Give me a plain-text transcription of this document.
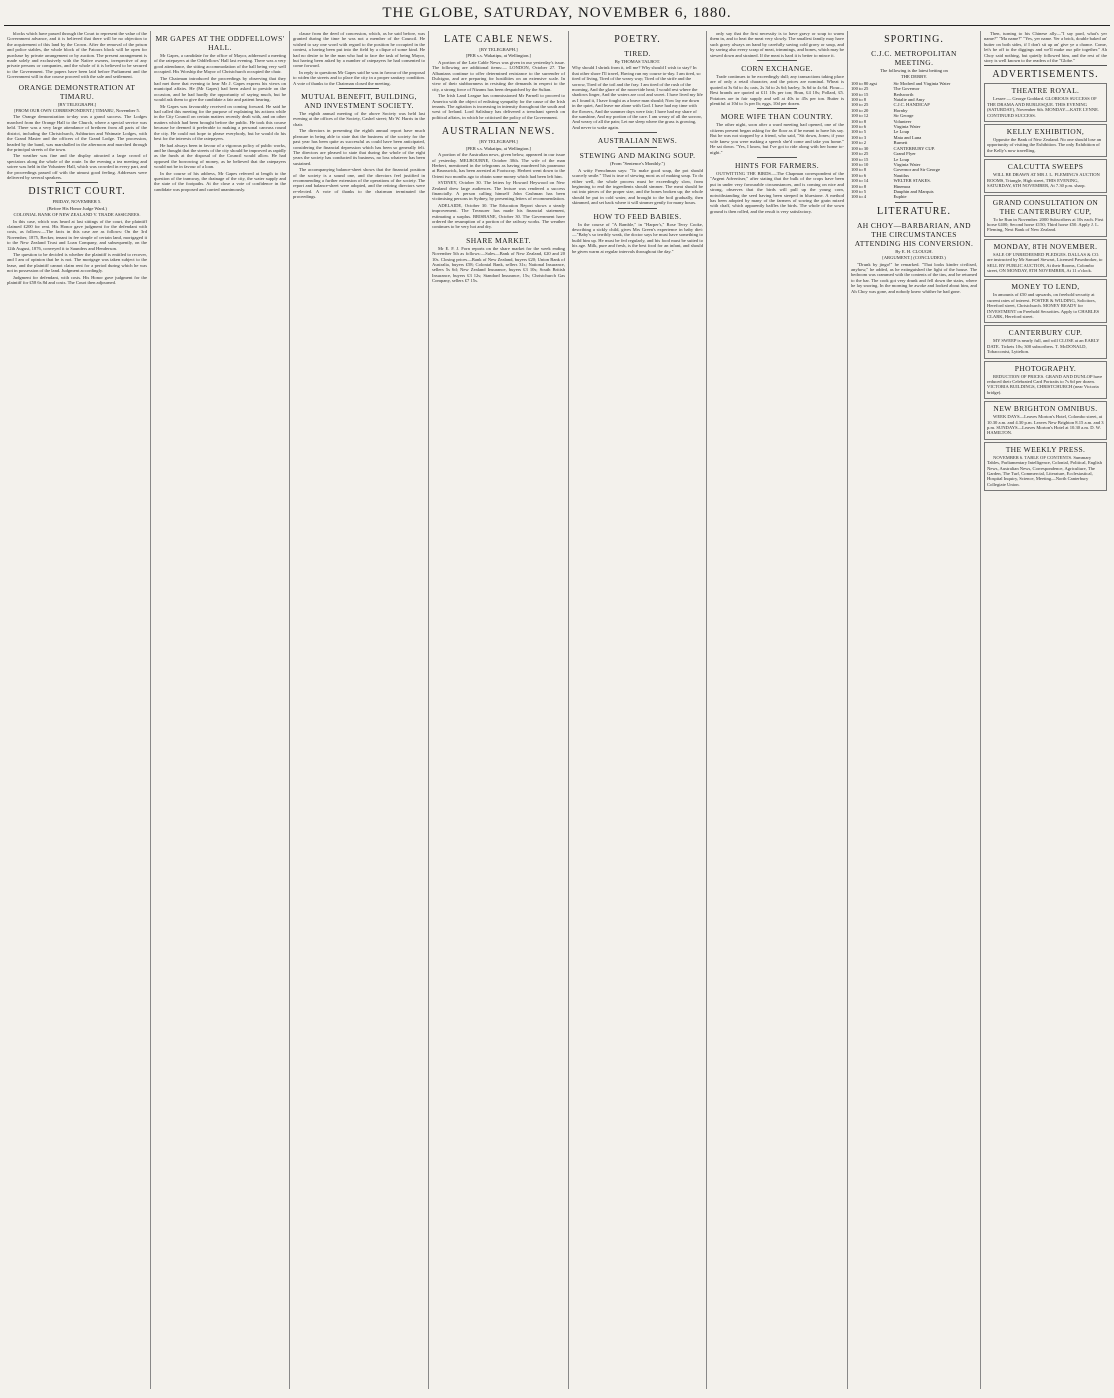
THE GLOBE, SATURDAY, NOVEMBER 6, 1880.

blocks which have passed through the Court to represent the value of the Government advance, and it is believed that there will be no objection to the acquirement of this land by the Crown. After the removal of the prison and police stables, the whole block of the Fatoors block will be open for purchase by private arrangement or by auction. The present arrangement is made solely and exclusively with the Native owners, irrespective of any private persons or companies, and the whole of it is believed to be secured to the Government. The papers have been laid before Parliament and the Government will in due course proceed with the sale and settlement.

ORANGE DEMONSTRATION AT TIMARU.
[BY TELEGRAPH.]
[FROM OUR OWN CORRESPONDENT.] TIMARU, November 5.

The Orange demonstration to-day was a grand success. The Lodges marched from the Orange Hall to the Church, where a special service was held. There was a very large attendance of brethren from all parts of the district, including the Christchurch, Ashburton and Waimate Lodges, with the Grand Master and the officers of the Grand Lodge. The procession, headed by the band, was marshalled in the afternoon and marched through the principal streets of the town.

The weather was fine and the display attracted a large crowd of spectators along the whole of the route. In the evening a tea meeting and soiree was held in the Volunteer Hall, which was crowded in every part, and the proceedings passed off with the utmost good feeling. Addresses were delivered by several speakers.

DISTRICT COURT.
FRIDAY, NOVEMBER 5.
(Before His Honor Judge Ward.)
COLONIAL BANK OF NEW ZEALAND V. TRADE ASSIGNEES.

In this case, which was heard at last sittings of the court, the plaintiff claimed £200 for rent. His Honor gave judgment for the defendant with costs, as follows:—The facts in this case are as follows: On the 3rd November, 1875, Becker, tenant in fee simple of certain land, mortgaged it to the New Zealand Trust and Loan Company, and subsequently, on the 12th August, 1876, conveyed it to Saunders and Henderson.

The question to be decided is whether the plaintiff is entitled to recover, and I am of opinion that he is not. The mortgage was taken subject to the lease, and the plaintiff cannot claim rent for a period during which he was not in possession of the land. Judgment accordingly.

Judgment for defendant, with costs. His Honor gave judgment for the plaintiff for £58 6s 8d and costs. The Court then adjourned.

MR GAPES AT THE ODDFELLOWS' HALL.

Mr Gapes, a candidate for the office of Mayor, addressed a meeting of the ratepayers at the Oddfellows' Hall last evening. There was a very good attendance, the sitting accommodation of the hall being very well occupied. His Worship the Mayor of Christchurch occupied the chair.

The Chairman introduced the proceedings by observing that they had met there that evening to hear Mr J. Gapes express his views on municipal affairs. He (Mr Gapes) had been asked to preside on the occasion, and he had hardly the opportunity of saying much, but he would ask them to give the candidate a fair and patient hearing.

Mr Gapes was favourably received on coming forward. He said he had called this meeting for the purpose of explaining his actions while in the City Council on certain matters recently dealt with, and on other matters which had been brought before the public. He took this course because he deemed it preferable to making a personal canvass round the city. He could not hope to please everybody, but he would do his best for the interests of the ratepayers.

He had always been in favour of a vigorous policy of public works, and he thought that the streets of the city should be improved as rapidly as the funds at the disposal of the Council would allow. He had opposed the borrowing of money, as he believed that the ratepayers would not be in favour of a loan.

In the course of his address, Mr Gapes referred at length to the question of the tramway, the drainage of the city, the water supply and the state of the footpaths. At the close a vote of confidence in the candidate was proposed and carried unanimously.

clause from the deed of concession, which, as he said before, was granted during the time he was not a member of the Council. He wished to say one word with regard to the position he occupied in the contest, a having been put into the field by a clique of some kind. He had no desire to be the man who had to face the task of being Mayor, but having been asked by a number of ratepayers he had consented to come forward.

In reply to questions Mr Gapes said he was in favour of the proposal to widen the streets and to place the city in a proper sanitary condition. A vote of thanks to the Chairman closed the meeting.

MUTUAL BENEFIT, BUILDING, AND INVESTMENT SOCIETY.

The eighth annual meeting of the above Society was held last evening at the offices of the Society, Cashel street; Mr W. Harris in the chair.

The directors in presenting the eighth annual report have much pleasure in being able to state that the business of the society for the past year has been quite as successful as could have been anticipated, considering the financial depression which has been so generally felt. The directors are pleased to state that during the whole of the eight years the society has conducted its business, no loss whatever has been sustained.

The accompanying balance-sheet shows that the financial position of the society is a sound one, and the directors feel justified in recommending a further extension of the operations of the society. The report and balance-sheet were adopted, and the retiring directors were re-elected. A vote of thanks to the chairman terminated the proceedings.

LATE CABLE NEWS.
[BY TELEGRAPH.]
[PER s.s. Wakatipu, at Wellington.]

A portion of the Late Cable News was given in our yesterday's issue. The following are additional items:— LONDON, October 27. The Albanians continue to offer determined resistance to the surrender of Dulcigno, and are preparing for hostilities on an extensive scale. In view of their stubbornness in resisting the demands in respect to the city, a strong force of Nizams has been despatched by the Sultan.

The Irish Land League has commissioned Mr Parnell to proceed to America with the object of enlisting sympathy for the cause of the Irish tenants. The agitation is increasing in intensity throughout the south and west of Ireland. Lord Salisbury has delivered a trenchant speech on political affairs, in which he criticised the policy of the Government.

AUSTRALIAN NEWS.
[BY TELEGRAPH.]
[PER s.s. Wakatipu, at Wellington.]

A portion of the Australian news, given below, appeared in our issue of yesterday. MELBOURNE, October 30th. The wife of the man Herbert, mentioned in the telegrams as having murdered his paramour at Brunswick, has been arrested at Footscray. Herbert went down to the Orient two months ago to obtain some money which had been left him.

SYDNEY, October 30. The letters by Howard Heywood on New Zealand drew large audiences. The lecture was rendered a success financially. A person calling himself John Cashman has been victimising persons in Sydney, by presenting letters of recommendation.

ADELAIDE, October 30. The Education Report shows a steady improvement. The Treasurer has made his financial statement, estimating a surplus. BRISBANE, October 30. The Government have ordered the resumption of a portion of the railway works. The weather continues to be very hot and dry.

SHARE MARKET.

Mr E. F. J. Forn reports on the share market for the week ending November 5th as follows:—Sales—Bank of New Zealand, £20 and 20 10s. Closing prices—Bank of New Zealand, buyers £20; Union Bank of Australia, buyers £58; Colonial Bank, sellers 31s; National Insurance, sellers 5s 6d; New Zealand Insurance, buyers £3 10s; South British Insurance, buyers £3 12s; Standard Insurance, 15s; Christchurch Gas Company, sellers £7 15s.

POETRY.
TIRED.
By THOMAS TALBOT.

Why should I shrink from it, tell me? Why should I wish to stay? In that other shore I'll travel, Having run my course to-day. I am tired, so tired of living, Tired of the weary way; Tired of the strife and the sorrow, Tired of the toil and the fray. I am tired of the rush of the morning, And the glare of the noon-tide heat; I would rest where the shadows linger, And the waters are cool and sweet. I have lived my life as I found it, I have fought as a brave man should; Now lay me down in the quiet, And leave me alone with God. I have had my time with the flowers, And the summer days were fair; I have had my share of the sunshine, And my portion of the care. I am weary of all the sorrow, And weary of all the pain; Let me sleep where the grass is growing, And never to wake again.

AUSTRALIAN NEWS.
STEWING AND MAKING SOUP.
(From "Sentence's Monthly.")

A witty Frenchman says: "To make good soup, the pot should scarcely smile." That is true of stewing most as of making soup. To do either well, the whole process must be exceedingly slow, from beginning to end the ingredients should simmer. The meat should be cut into pieces of the proper size, and the bones broken up; the whole should be put in cold water, and brought to the boil gradually, then skimmed, and set back where it will simmer gently for many hours.

HOW TO FEED BABIES.

In the course of "A Ramble," in "Harper's," Rose Terry Cooke, describing a sickly child, gives Mrs Green's experience in baby diet:—"Baby's so terribly weak, the doctor says he must have something to build him up. He must be fed regularly, and his food must be suited to his age. Milk, pure and fresh, is the best food for an infant, and should be given warm at regular intervals throughout the day."

only say that the first necessity is to have gravy or soup to warm them in, and to heat the meat very slowly. The smallest family may have such gravy always on hand by carefully saving cold gravy or soup, and by saving also every scrap of meat, trimmings, and bones, which may be stewed down and strained. If the meat is hard it is better to mince it.

CORN EXCHANGE.

Trade continues to be exceedingly dull; any transactions taking place are of only a retail character, and the prices are nominal. Wheat is quoted at 3s 6d to 4s; oats, 2s 3d to 2s 6d; barley, 3s 6d to 4s 6d. Flour—Best brands are quoted at £11 10s per ton; Bran, £4 10s; Pollard, £5. Potatoes are in fair supply and sell at 40s to 45s per ton. Butter is plentiful at 10d to 1s per lb; eggs, 10d per dozen.

MORE WIFE THAN COUNTRY.

The other night, soon after a ward meeting had opened, one of the citizens present began asking for the floor as if he meant to have his say. But he was not stopped by a friend, who said, "Sit down, Jones; if your wife knew you were making a speech she'd come and take you home." He sat down. "Yes, I know, but I've got to ride along with her home to-night."

HINTS FOR FARMERS.

OUTWITTING THE BIRDS.—The Chapman correspondent of the "Argent Advertiser," after stating that the bulk of the crops have been put in under very favourable circumstances, and is coming on nice and strong, observes that the birds will pull up the young corn, notwithstanding the seed having been steeped in bluestone. A method has been adopted by many of the farmers of sowing the grain mixed with chaff, which apparently baffles the birds. The whole of the sown ground is then rolled, and the result is very satisfactory.

SPORTING.
C.J.C. METROPOLITAN MEETING.
The following is the latest betting on
THE DERBY.
100 to 80 agst	Sir Modred and Virginia Water
100 to 25	The Governor
100 to 15	Bedsworth
100 to 8	Natalie and Amy
100 to 25	C.J.C. HANDICAP
100 to 20	Hornby
100 to 12	Sir George
100 to 8	Volunteer
100 to 6	Virginia Water
100 to 5	Le Loup
100 to 3	Mata and Luna
100 to 2	Burnett
100 to 30	CANTERBURY CUP.
100 to 25	Grand Flyer
100 to 15	Le Loup
100 to 10	Virginia Water
100 to 8	Governor and Sir George
100 to 6	Nautilus
100 to 14	WELTER STAKES.
100 to 8	Hinemoa
100 to 5	Dauphin and Marquis
100 to 4	Euphie
LITERATURE.
AH CHOY—BARBARIAN, AND THE CIRCUMSTANCES ATTENDING HIS CONVERSION.
By E. H. CLOUGH.
[ARGUMENT.] (CONCLUDED.)

"Drunk by jingo!" he remarked. "That looks kinder civilised, anyhow," he added, as he extinguished the light of the house. The bedroom was crammed with the contents of the tins, and he returned to the bar. The cook got very drunk and fell down the stairs, where he lay snoring. In the morning he awoke and looked about him, and Ah Choy was gone, and nobody knew whither he had gone.

Then, turning to his Chinese ally—"I say pard, what's yer name?" "Ma name?" "Yes, yer name. Yer a brick, double baked an' butter on both sides, if I don't sit up an' give ye a chance. Come, let's be off to the diggings and we'll make our pile together." Ah Choy said nothing, but quietly followed him, and the rest of the story is well known to the readers of the "Globe."

ADVERTISEMENTS.
THEATRE ROYAL.

Lessee — George Goddard. GLORIOUS SUCCESS OF THE DRAMA AND BURLESQUE. THIS EVENING (SATURDAY), November 6th. MONDAY—KATE LYNNE. CONTINUED SUCCESS.

KELLY EXHIBITION,

Opposite the Bank of New Zealand. No one should lose an opportunity of visiting the Exhibition. The only Exhibition of the Kelly's now travelling.

CALCUTTA SWEEPS

WILL BE DRAWN AT MR J. L. FLEMING'S AUCTION ROOMS, Triangle, High street, THIS EVENING, SATURDAY, 6TH NOVEMBER, At 7.30 p.m. sharp.

GRAND CONSULTATION ON THE CANTERBURY CUP,

To be Run in November. 2000 Subscribers at 10s each. First horse £400; Second horse £150; Third horse £50. Apply J. L. Fleming, Next Bank of New Zealand.

MONDAY, 8TH NOVEMBER.

SALE OF UNREDEEMED PLEDGES. DALLAS & CO. are instructed by Mr Samuel Stewart, Licensed Pawnbroker, to SELL BY PUBLIC AUCTION, At their Rooms, Colombo street, ON MONDAY, 8TH NOVEMBER, At 11 o'clock.

MONEY TO LEND,

In amounts of £50 and upwards, on freehold security at current rates of interest. FOSTER & WILDING, Solicitors, Hereford street, Christchurch. MONEY READY for INVESTMENT on Freehold Securities. Apply to CHARLES CLARK, Hereford street.

CANTERBURY CUP.

MY SWEEP is nearly full, and will CLOSE at an EARLY DATE. Tickets 10s; 300 subscribers. T. McDONALD, Tobacconist, Lyttelton.

PHOTOGRAPHY.

REDUCTION OF PRICES. GRAND AND DUNLOP have reduced their Celebrated Card Portraits to 7s 6d per dozen. VICTORIA BUILDINGS, CHRISTCHURCH (near Victoria bridge).

NEW BRIGHTON OMNIBUS.

WEEK DAYS—Leaves Morton's Hotel, Colombo street, at 10.30 a.m. and 4.30 p.m. Leaves New Brighton 8.15 a.m. and 3 p.m. SUNDAYS—Leaves Morton's Hotel at 10.30 a.m. D. W. HAMILTON.

THE WEEKLY PRESS.

NOVEMBER 6. TABLE OF CONTENTS. Summary Tables, Parliamentary Intelligence, Colonial, Political, English News, Australian News, Correspondence, Agriculture, The Garden, The Turf, Commercial, Literature, Ecclesiastical, Hospital Inquiry, Science, Meeting—North Canterbury Collegiate Union.
